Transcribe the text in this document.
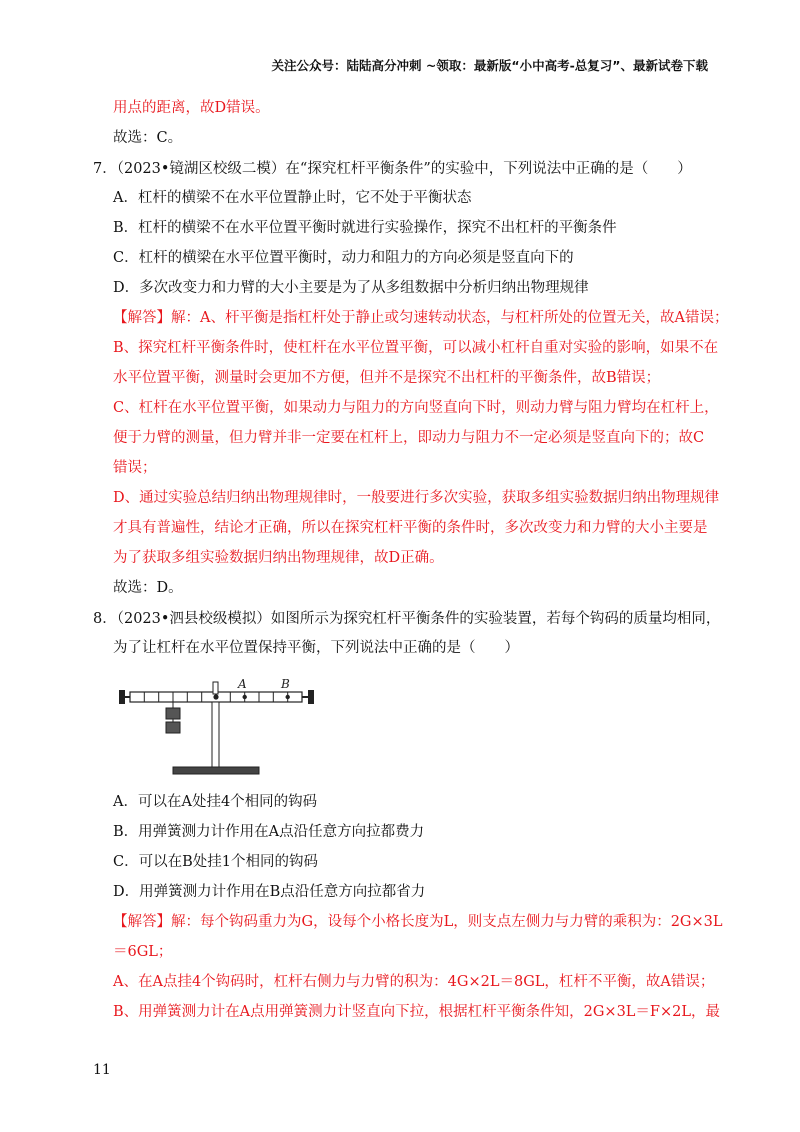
关注公众号：陆陆高分冲刺 ~领取：最新版“小中高考-总复习”、最新试卷下载
用点的距离，故D错误。
故选：C。
7．（2023•镜湖区校级二模）在“探究杠杆平衡条件”的实验中，下列说法中正确的是（　　）
A．杠杆的横梁不在水平位置静止时，它不处于平衡状态
B．杠杆的横梁不在水平位置平衡时就进行实验操作，探究不出杠杆的平衡条件
C．杠杆的横梁在水平位置平衡时，动力和阻力的方向必须是竖直向下的
D．多次改变力和力臂的大小主要是为了从多组数据中分析归纳出物理规律
【解答】解：A、杆平衡是指杠杆处于静止或匀速转动状态，与杠杆所处的位置无关，故A错误；
B、探究杠杆平衡条件时，使杠杆在水平位置平衡，可以减小杠杆自重对实验的影响，如果不在
水平位置平衡，测量时会更加不方便，但并不是探究不出杠杆的平衡条件，故B错误；
C、杠杆在水平位置平衡，如果动力与阻力的方向竖直向下时，则动力臂与阻力臂均在杠杆上，
便于力臂的测量，但力臂并非一定要在杠杆上，即动力与阻力不一定必须是竖直向下的；故C
错误；
D、通过实验总结归纳出物理规律时，一般要进行多次实验，获取多组实验数据归纳出物理规律
才具有普遍性，结论才正确，所以在探究杠杆平衡的条件时，多次改变力和力臂的大小主要是
为了获取多组实验数据归纳出物理规律，故D正确。
故选：D。
8．（2023•泗县校级模拟）如图所示为探究杠杆平衡条件的实验装置，若每个钩码的质量均相同，
为了让杠杆在水平位置保持平衡，下列说法中正确的是（　　）
A	B
A．可以在A处挂4个相同的钩码
B．用弹簧测力计作用在A点沿任意方向拉都费力
C．可以在B处挂1个相同的钩码
D．用弹簧测力计作用在B点沿任意方向拉都省力
【解答】解：每个钩码重力为G，设每个小格长度为L，则支点左侧力与力臂的乘积为：2G×3L
＝6GL；
A、在A点挂4个钩码时，杠杆右侧力与力臂的积为：4G×2L＝8GL，杠杆不平衡，故A错误；
B、用弹簧测力计在A点用弹簧测力计竖直向下拉，根据杠杆平衡条件知，2G×3L＝F×2L，最
11
